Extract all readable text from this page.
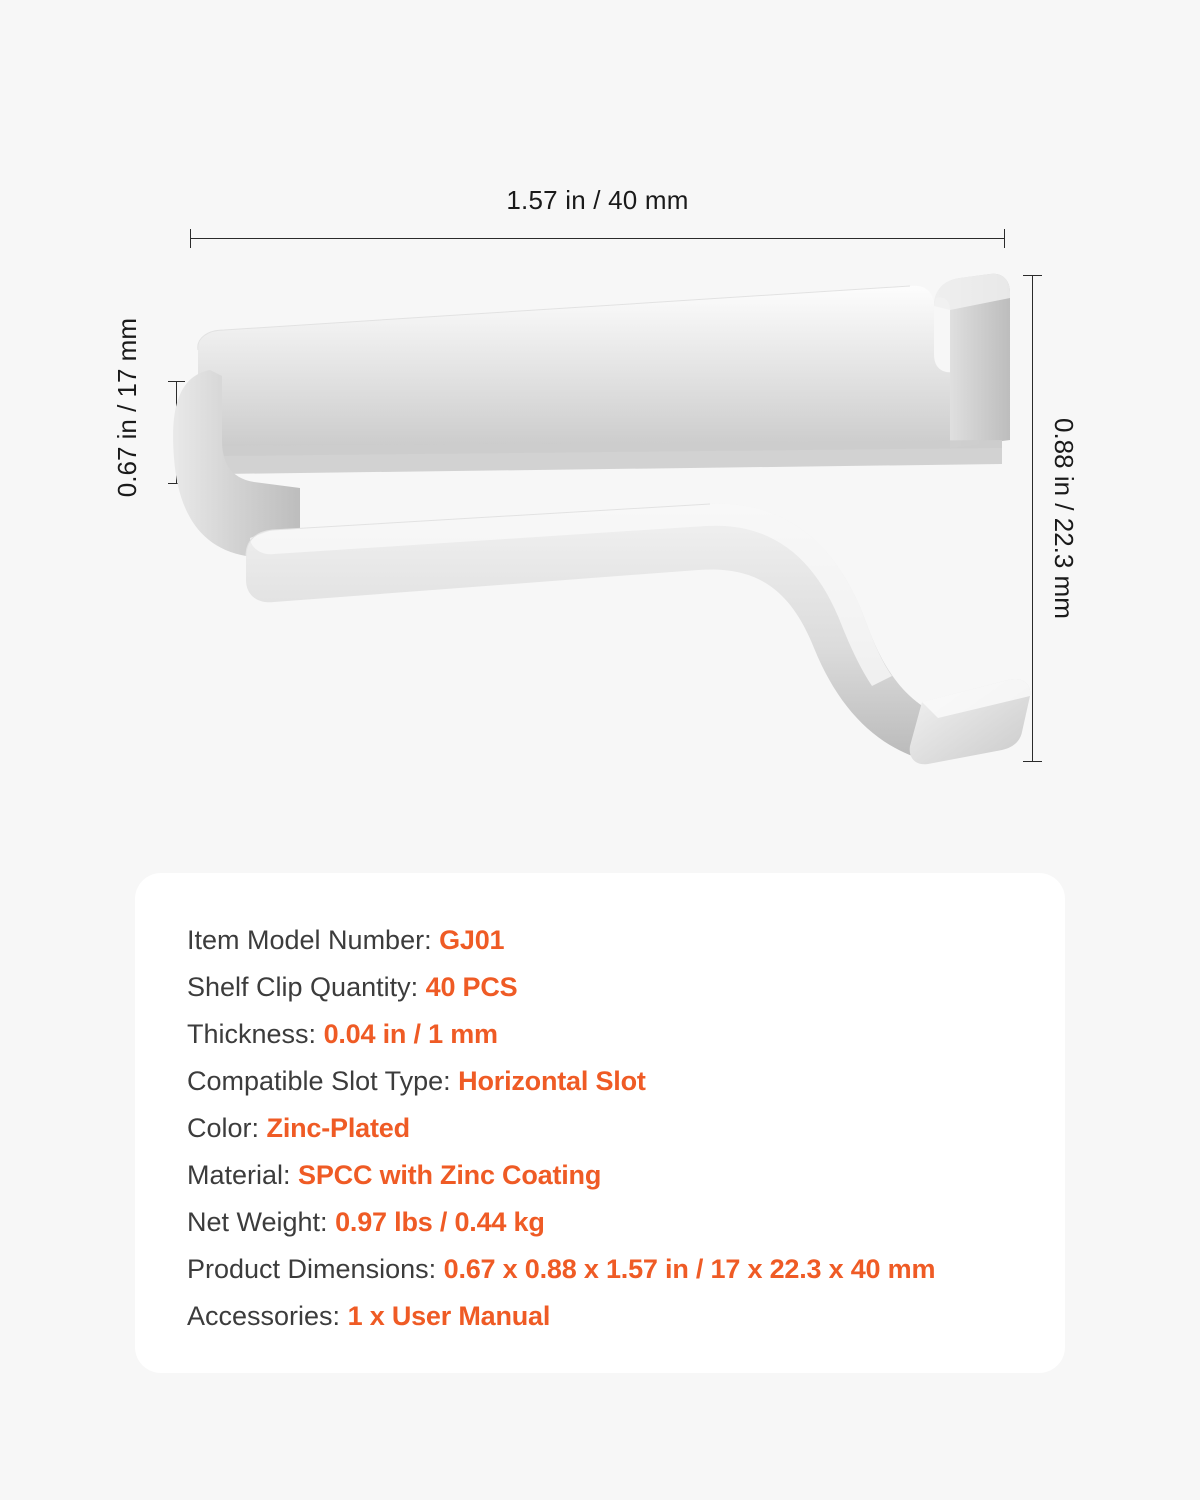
1.57 in / 40 mm
0.88 in / 22.3 mm
0.67 in / 17 mm
Item Model Number: GJ01
Shelf Clip Quantity: 40 PCS
Thickness: 0.04 in / 1 mm
Compatible Slot Type: Horizontal Slot
Color: Zinc-Plated
Material: SPCC with Zinc Coating
Net Weight: 0.97 lbs / 0.44 kg
Product Dimensions: 0.67 x 0.88 x 1.57 in / 17 x 22.3 x 40 mm
Accessories: 1 x User Manual
